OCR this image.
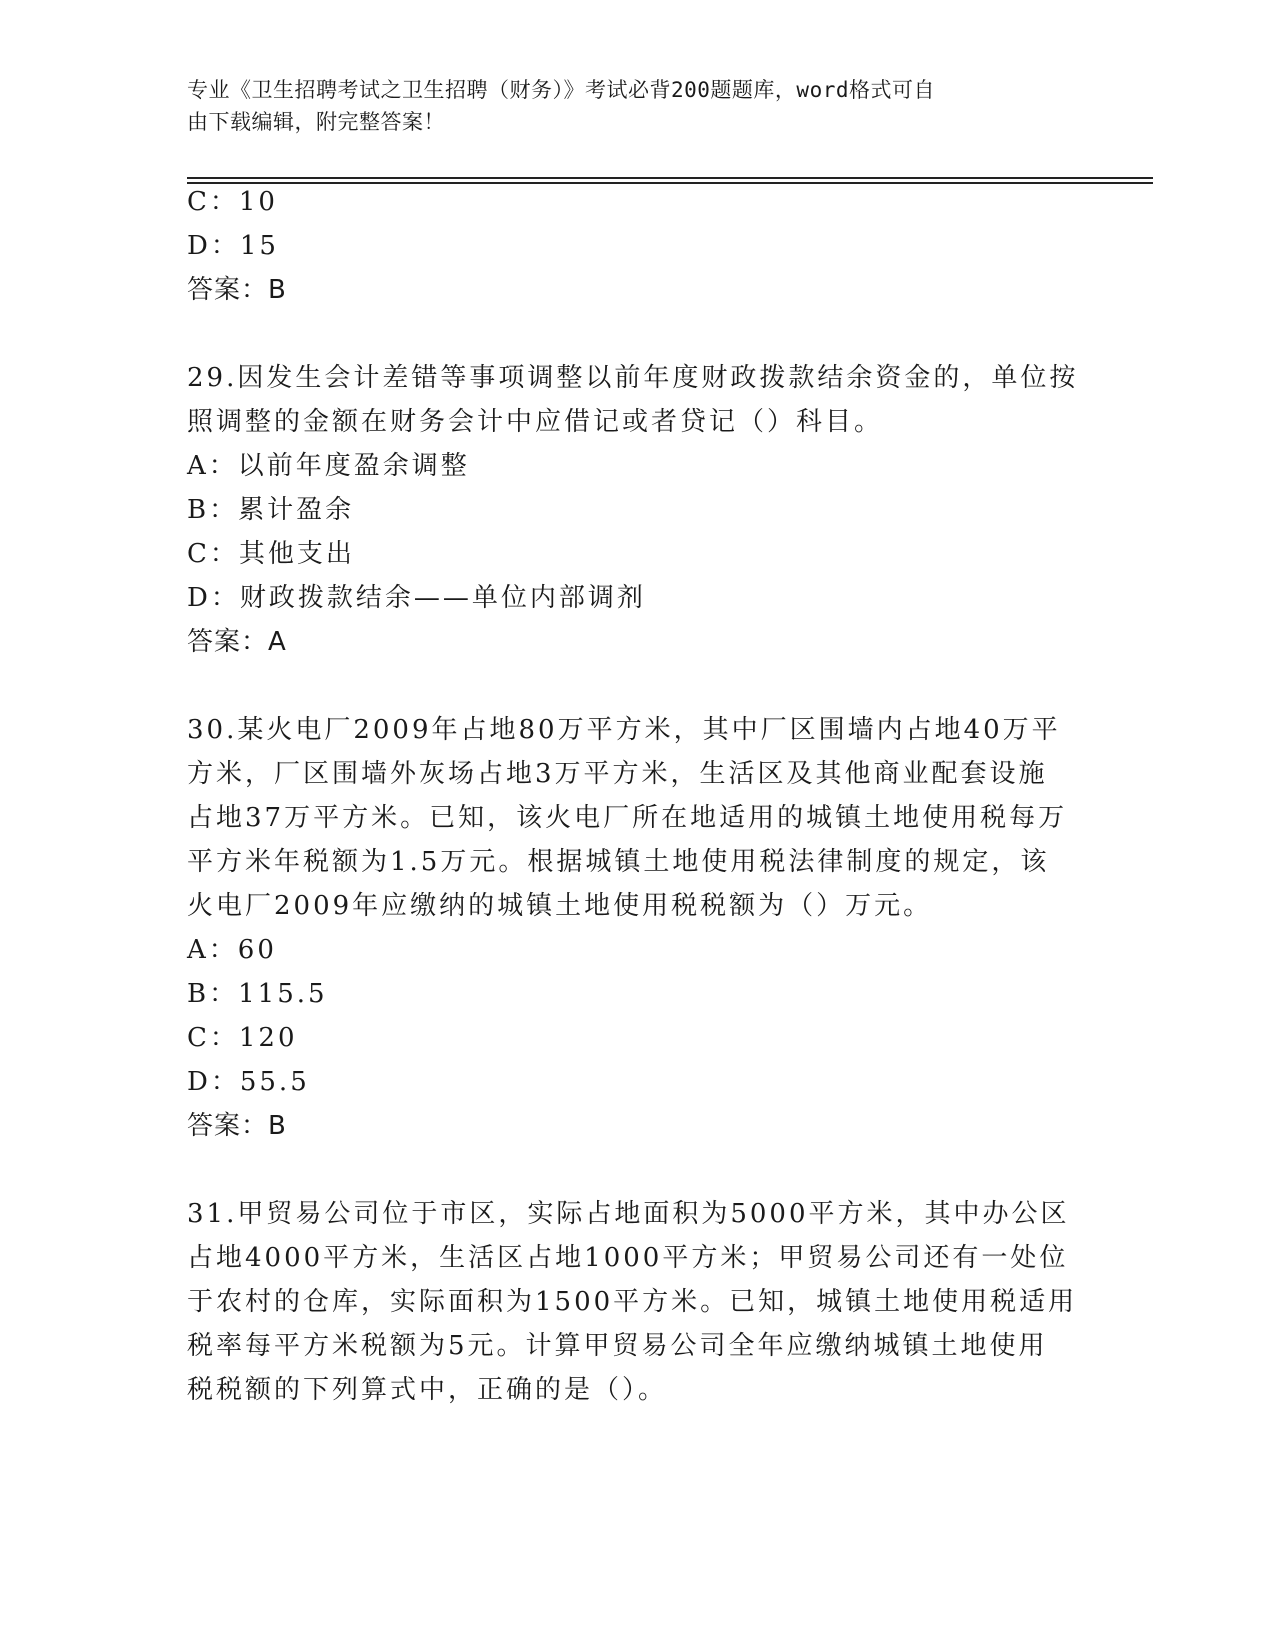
专业《卫生招聘考试之卫生招聘（财务）》考试必背200题题库，word格式可自
由下载编辑，附完整答案！
C：10
D：15
答案：B
29.因发生会计差错等事项调整以前年度财政拨款结余资金的，单位按
照调整的金额在财务会计中应借记或者贷记（）科目。
A：以前年度盈余调整
B：累计盈余
C：其他支出
D：财政拨款结余——单位内部调剂
答案：A
30.某火电厂2009年占地80万平方米，其中厂区围墙内占地40万平
方米，厂区围墙外灰场占地3万平方米，生活区及其他商业配套设施
占地37万平方米。已知，该火电厂所在地适用的城镇土地使用税每万
平方米年税额为1.5万元。根据城镇土地使用税法律制度的规定，该
火电厂2009年应缴纳的城镇土地使用税税额为（）万元。
A：60
B：115.5
C：120
D：55.5
答案：B
31.甲贸易公司位于市区，实际占地面积为5000平方米，其中办公区
占地4000平方米，生活区占地1000平方米；甲贸易公司还有一处位
于农村的仓库，实际面积为1500平方米。已知，城镇土地使用税适用
税率每平方米税额为5元。计算甲贸易公司全年应缴纳城镇土地使用
税税额的下列算式中，正确的是（）。
